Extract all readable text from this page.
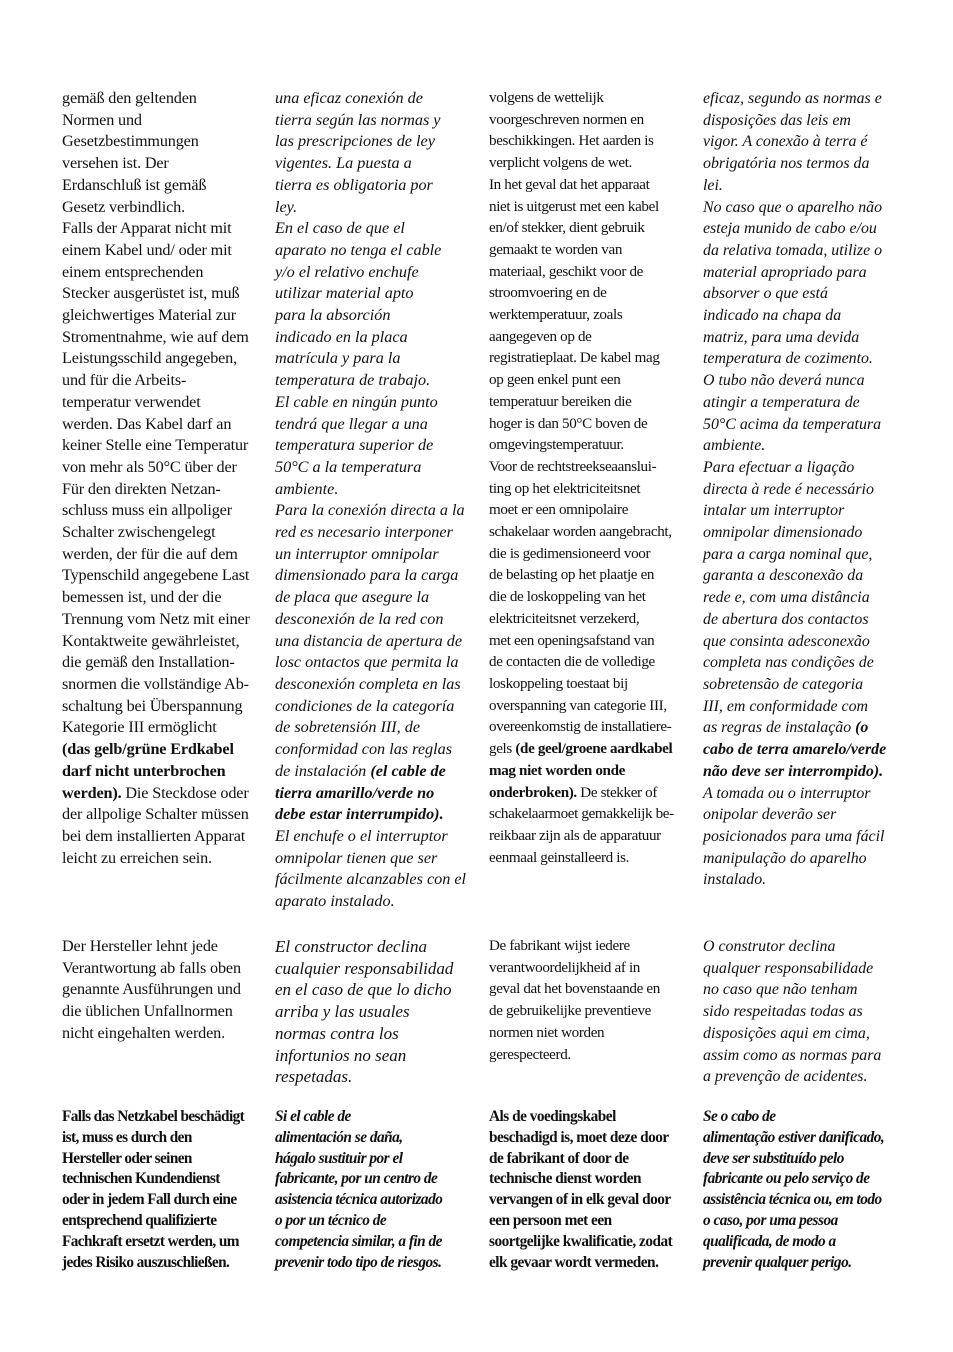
gemäß den geltenden
Normen und
Gesetzbestimmungen
versehen ist. Der
Erdanschluß ist gemäß
Gesetz verbindlich.
Falls der Apparat nicht mit
einem Kabel und/ oder mit
einem entsprechenden
Stecker ausgerüstet ist, muß
gleichwertiges Material zur
Stromentnahme, wie auf dem
Leistungsschild angegeben,
und für die Arbeits-
temperatur verwendet
werden. Das Kabel darf an
keiner Stelle eine Temperatur
von mehr als 50°C über der
Für den direkten Netzan-
schluss muss ein allpoliger
Schalter zwischengelegt
werden, der für die auf dem
Typenschild angegebene Last
bemessen ist, und der die
Trennung vom Netz mit einer
Kontaktweite gewährleistet,
die gemäß den Installation-
snormen die vollständige Ab-
schaltung bei Überspannung
Kategorie III ermöglicht
(das gelb/grüne Erdkabel
darf nicht unterbrochen
werden). Die Steckdose oder
der allpolige Schalter müssen
bei dem installierten Apparat
leicht zu erreichen sein.

Der Hersteller lehnt jede
Verantwortung ab falls oben
genannte Ausführungen und
die üblichen Unfallnormen
nicht eingehalten werden.

Falls das Netzkabel beschädigt
ist, muss es durch den
Hersteller oder seinen
technischen Kundendienst
oder in jedem Fall durch eine
entsprechend qualifizierte
Fachkraft ersetzt werden, um
jedes Risiko auszuschließen.

una eficaz conexión de
tierra según las normas y
las prescripciones de ley
vigentes. La puesta a
tierra es obligatoria por
ley.
En el caso de que el
aparato no tenga el cable
y/o el relativo enchufe
utilizar material apto
para la absorción
indicado en la placa
matrícula y para la
temperatura de trabajo.
El cable en ningún punto
tendrá que llegar a una
temperatura superior de
50°C a la temperatura
ambiente.
Para la conexión directa a la
red es necesario interponer
un interruptor omnipolar
dimensionado para la carga
de placa que asegure la
desconexión de la red con
una distancia de apertura de
losc ontactos que permita la
desconexión completa en las
condiciones de la categoría
de sobretensión III, de
conformidad con las reglas
de instalación (el cable de
tierra amarillo/verde no
debe estar interrumpido).
El enchufe o el interruptor
omnipolar tienen que ser
fácilmente alcanzables con el
aparato instalado.

El constructor declina
cualquier responsabilidad
en el caso de que lo dicho
arriba y las usuales
normas contra los
infortunios no sean
respetadas.

Si el cable de
alimentación se daña,
hágalo sustituir por el
fabricante, por un centro de
asistencia técnica autorizado
o por un técnico de
competencia similar, a fin de
prevenir todo tipo de riesgos.

volgens de wettelijk
voorgeschreven normen en
beschikkingen. Het aarden is
verplicht volgens de wet.
In het geval dat het apparaat
niet is uitgerust met een kabel
en/of stekker, dient gebruik
gemaakt te worden van
materiaal, geschikt voor de
stroomvoering en de
werktemperatuur, zoals
aangegeven op de
registratieplaat. De kabel mag
op geen enkel punt een
temperatuur bereiken die
hoger is dan 50°C boven de
omgevingstemperatuur.
Voor de rechtstreekseaanslui-
ting op het elektriciteitsnet
moet er een omnipolaire
schakelaar worden aangebracht,
die is gedimensioneerd voor
de belasting op het plaatje en
die de loskoppeling van het
elektriciteitsnet verzekerd,
met een openingsafstand van
de contacten die de volledige
loskoppeling toestaat bij
overspanning van categorie III,
overeenkomstig de installatiere-
gels (de geel/groene aardkabel
mag niet worden onde
onderbroken). De stekker of
schakelaarmoet gemakkelijk be-
reikbaar zijn als de apparatuur
eenmaal geinstalleerd is.

De fabrikant wijst iedere
verantwoordelijkheid af in
geval dat het bovenstaande en
de gebruikelijke preventieve
normen niet worden
gerespecteerd.

Als de voedingskabel
beschadigd is, moet deze door
de fabrikant of door de
technische dienst worden
vervangen of in elk geval door
een persoon met een
soortgelijke kwalificatie, zodat
elk gevaar wordt vermeden.

eficaz, segundo as normas e
disposições das leis em
vigor. A conexão à terra é
obrigatória nos termos da
lei.
No caso que o aparelho não
esteja munido de cabo e/ou
da relativa tomada, utilize o
material apropriado para
absorver o que está
indicado na chapa da
matriz, para uma devida
temperatura de cozimento.
O tubo não deverá nunca
atingir a temperatura de
50°C acima da temperatura
ambiente.
Para efectuar a ligação
directa à rede é necessário
intalar um interruptor
omnipolar dimensionado
para a carga nominal que,
garanta a desconexão da
rede e, com uma distância
de abertura dos contactos
que consinta adesconexão
completa nas condições de
sobretensão de categoria
III, em conformidade com
as regras de instalação (o
cabo de terra amarelo/verde
não deve ser interrompido).
A tomada ou o interruptor
onipolar deverão ser
posicionados para uma fácil
manipulação do aparelho
instalado.

O construtor declina
qualquer responsabilidade
no caso que não tenham
sido respeitadas todas as
disposições aqui em cima,
assim como as normas para
a prevenção de acidentes.

Se o cabo de
alimentação estiver danificado,
deve ser substituído pelo
fabricante ou pelo serviço de
assistência técnica ou, em todo
o caso, por uma pessoa
qualificada, de modo a
prevenir qualquer perigo.
